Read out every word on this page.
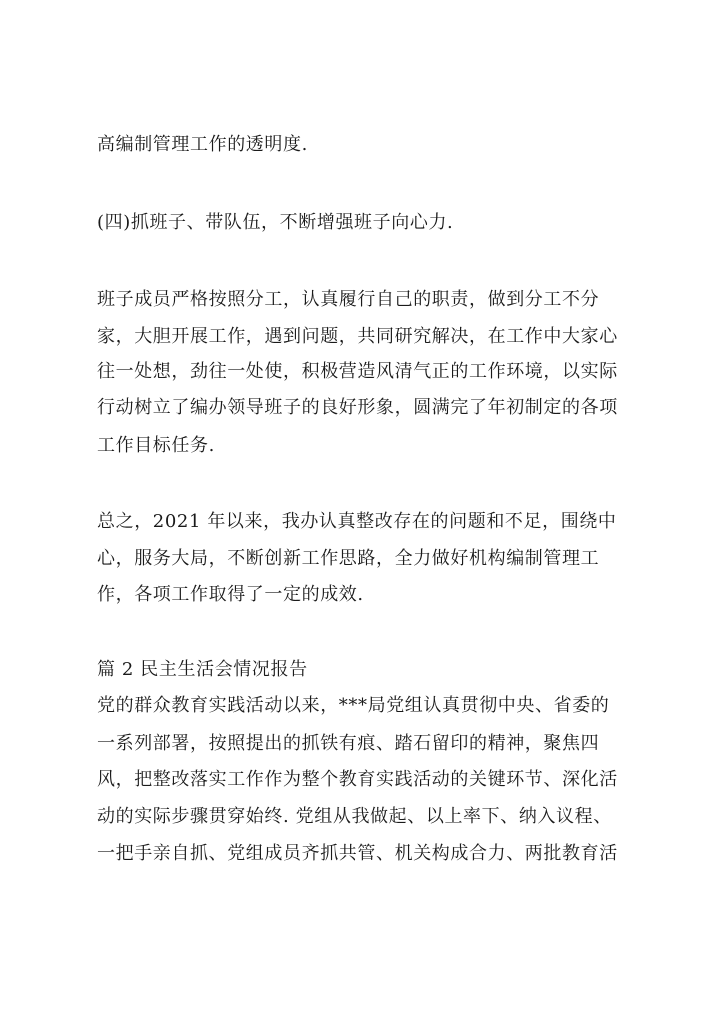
高编制管理工作的透明度.
(四)抓班子、带队伍，不断增强班子向心力.
班子成员严格按照分工，认真履行自己的职责，做到分工不分
家，大胆开展工作，遇到问题，共同研究解决，在工作中大家心
往一处想，劲往一处使，积极营造风清气正的工作环境，以实际
行动树立了编办领导班子的良好形象，圆满完了年初制定的各项
工作目标任务.
总之，2021 年以来，我办认真整改存在的问题和不足，围绕中
心，服务大局，不断创新工作思路，全力做好机构编制管理工
作，各项工作取得了一定的成效.
篇 2 民主生活会情况报告
党的群众教育实践活动以来，***局党组认真贯彻中央、省委的
一系列部署，按照提出的抓铁有痕、踏石留印的精神，聚焦四
风，把整改落实工作作为整个教育实践活动的关键环节、深化活
动的实际步骤贯穿始终. 党组从我做起、以上率下、纳入议程、
一把手亲自抓、党组成员齐抓共管、机关构成合力、两批教育活
